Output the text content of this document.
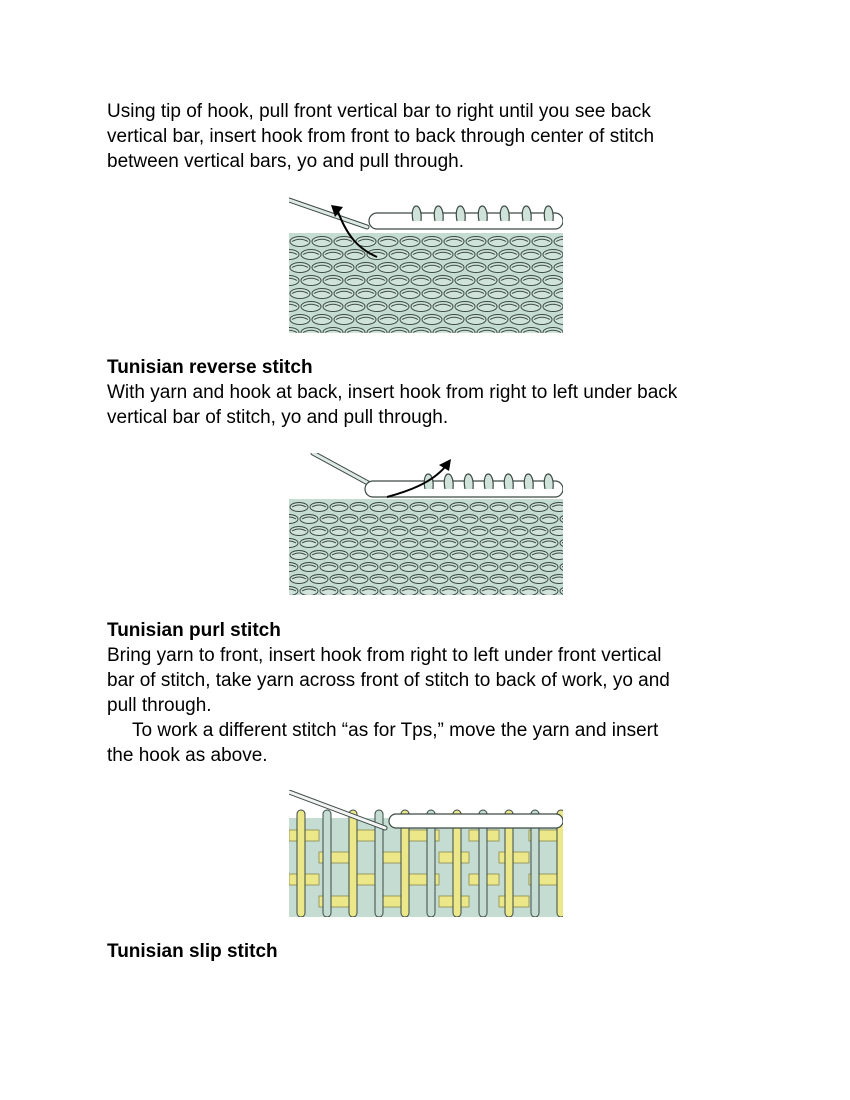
Using tip of hook, pull front vertical bar to right until you see back
vertical bar, insert hook from front to back through center of stitch
between vertical bars, yo and pull through.

Tunisian reverse stitch

With yarn and hook at back, insert hook from right to left under back
vertical bar of stitch, yo and pull through.

Tunisian purl stitch

Bring yarn to front, insert hook from right to left under front vertical
bar of stitch, take yarn across front of stitch to back of work, yo and
pull through.
To work a different stitch “as for Tps,” move the yarn and insert
the hook as above.

Tunisian slip stitch
